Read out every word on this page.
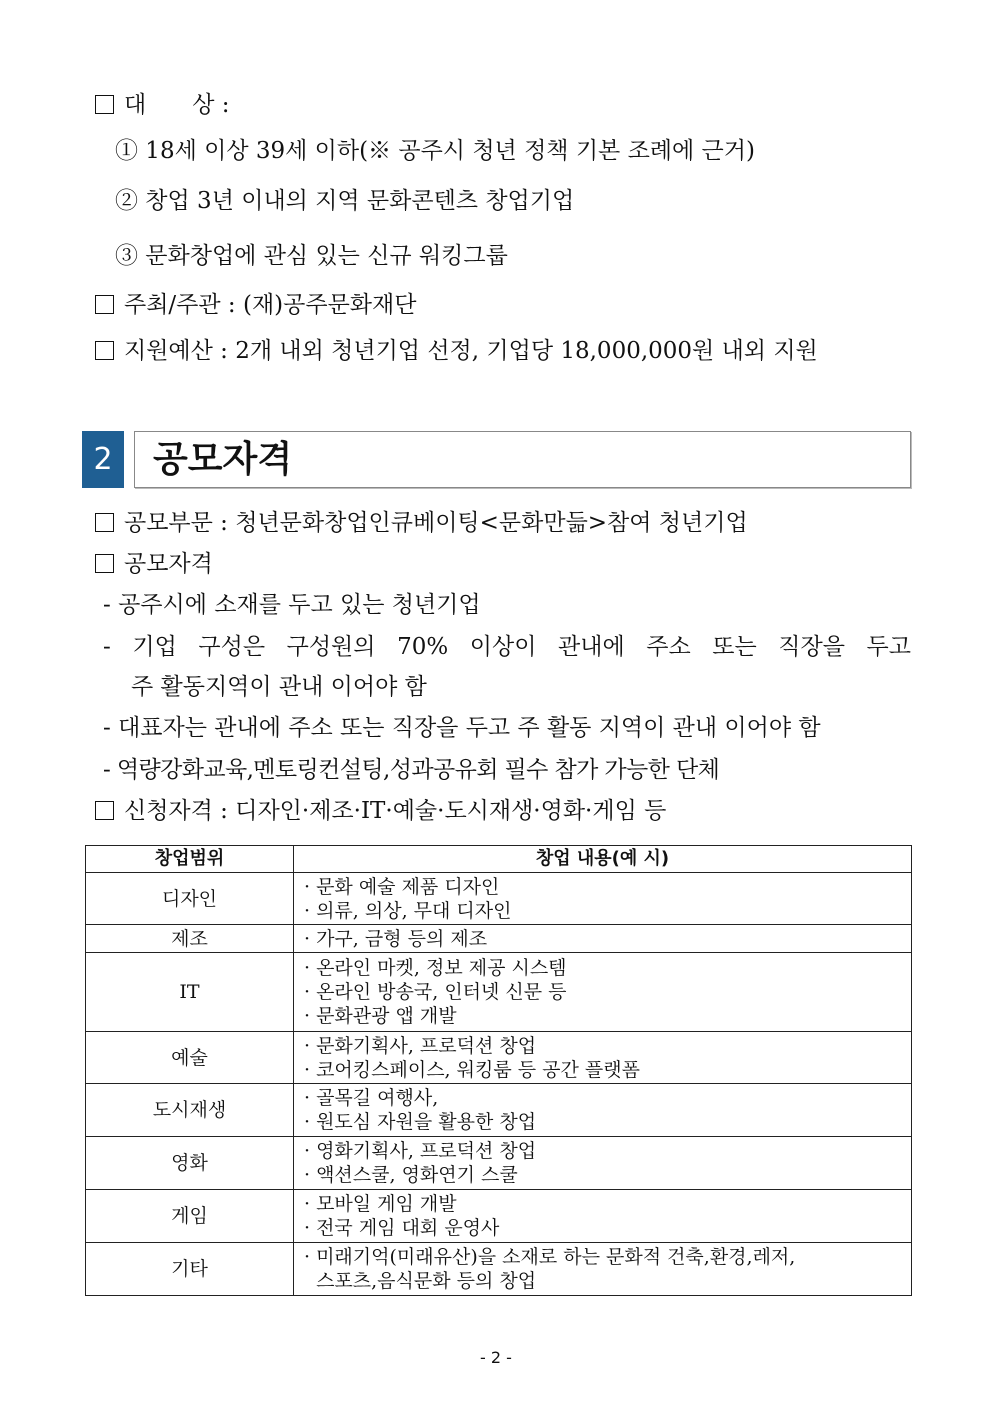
대　　상 :
① 18세 이상 39세 이하(※ 공주시 청년 정책 기본 조례에 근거)
② 창업 3년 이내의 지역 문화콘텐츠 창업기업
③ 문화창업에 관심 있는 신규 워킹그룹
주최/주관 : (재)공주문화재단
지원예산 : 2개 내외 청년기업 선정, 기업당 18,000,000원 내외 지원
2	공모자격
공모부문 : 청년문화창업인큐베이팅<문화만듦>참여 청년기업
공모자격
- 공주시에 소재를 두고 있는 청년기업
- 기업 구성은 구성원의 70% 이상이 관내에 주소 또는 직장을 두고
주 활동지역이 관내 이어야 함
- 대표자는 관내에 주소 또는 직장을 두고 주 활동 지역이 관내 이어야 함
- 역량강화교육,멘토링컨설팅,성과공유회 필수 참가 가능한 단체
신청자격 : 디자인·제조·IT·예술·도시재생·영화·게임 등
창업범위	창업 내용(예 시)
디자인	· 문화 예술 제품 디자인
· 의류, 의상, 무대 디자인

제조	· 가구, 금형 등의 제조

IT	· 온라인 마켓, 정보 제공 시스템
· 온라인 방송국, 인터넷 신문 등
· 문화관광 앱 개발

예술	· 문화기획사, 프로덕션 창업
· 코어킹스페이스, 워킹룸 등 공간 플랫폼

도시재생	· 골목길 여행사,
· 원도심 자원을 활용한 창업

영화	· 영화기획사, 프로덕션 창업
· 액션스쿨, 영화연기 스쿨

게임	· 모바일 게임 개발
· 전국 게임 대회 운영사

기타	· 미래기억(미래유산)을 소재로 하는 문화적 건축,환경,레저,
스포츠,음식문화 등의 창업
- 2 -
